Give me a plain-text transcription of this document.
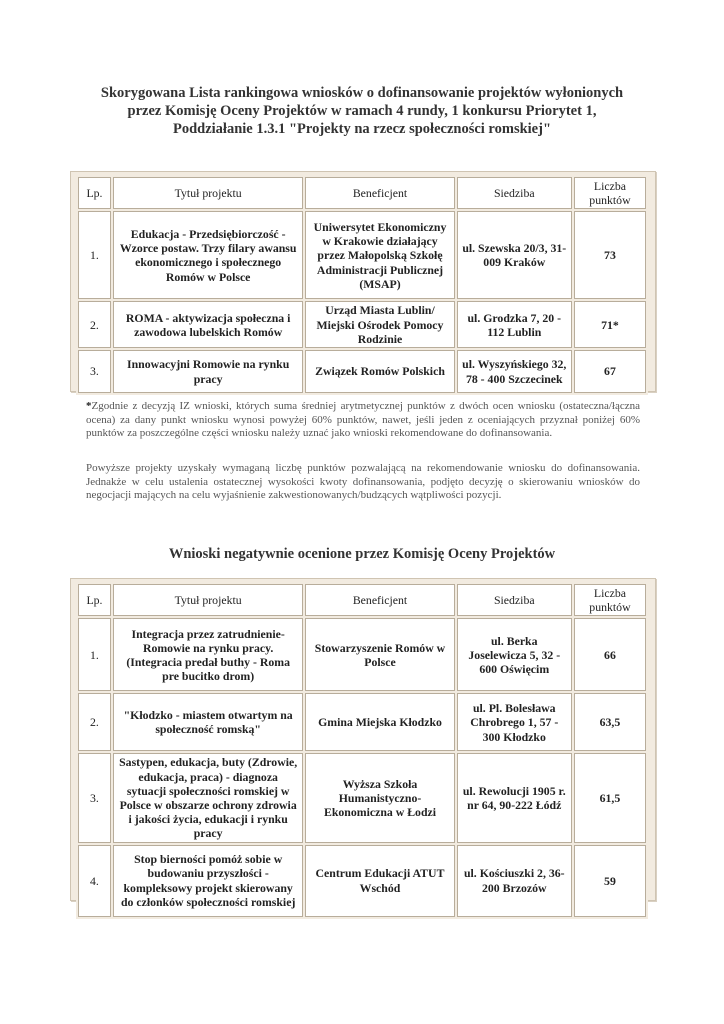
Skorygowana Lista rankingowa wniosków o dofinansowanie projektów wyłonionych
przez Komisję Oceny Projektów w ramach 4 rundy, 1 konkursu Priorytet 1,
Poddziałanie 1.3.1 "Projekty na rzecz społeczności romskiej"
Lp.	Tytuł projektu	Beneficjent	Siedziba	Liczba punktów
1.	Edukacja - Przedsiębiorczość - Wzorce postaw. Trzy filary awansu ekonomicznego i społecznego Romów w Polsce	Uniwersytet Ekonomiczny w Krakowie działający przez Małopolską Szkołę Administracji Publicznej (MSAP)	ul. Szewska 20/3, 31-009 Kraków	73
2.	ROMA - aktywizacja społeczna i zawodowa lubelskich Romów	Urząd Miasta Lublin/ Miejski Ośrodek Pomocy Rodzinie	ul. Grodzka 7, 20 - 112 Lublin	71*
3.	Innowacyjni Romowie na rynku pracy	Związek Romów Polskich	ul. Wyszyńskiego 32, 78 - 400 Szczecinek	67
*Zgodnie z decyzją IZ wnioski, których suma średniej arytmetycznej punktów z dwóch ocen wniosku (ostateczna/łączna ocena) za dany punkt wniosku wynosi powyżej 60% punktów, nawet, jeśli jeden z oceniających przyznał poniżej 60% punktów za poszczególne części wniosku należy uznać jako wnioski rekomendowane do dofinansowania.
Powyższe projekty uzyskały wymaganą liczbę punktów pozwalającą na rekomendowanie wniosku do dofinansowania. Jednakże w celu ustalenia ostatecznej wysokości kwoty dofinansowania, podjęto decyzję o skierowaniu wniosków do negocjacji mających na celu wyjaśnienie zakwestionowanych/budzących wątpliwości pozycji.
Wnioski negatywnie ocenione przez Komisję Oceny Projektów
Lp.	Tytuł projektu	Beneficjent	Siedziba	Liczba punktów
1.	Integracja przez zatrudnienie- Romowie na rynku pracy. (Integracia predał buthy - Roma pre bucitko drom)	Stowarzyszenie Romów w Polsce	ul. Berka Joselewicza 5, 32 - 600 Oświęcim	66
2.	"Kłodzko - miastem otwartym na społeczność romską"	Gmina Miejska Kłodzko	ul. Pl. Bolesława Chrobrego 1, 57 - 300 Kłodzko	63,5
3.	Sastypen, edukacja, buty (Zdrowie, edukacja, praca) - diagnoza sytuacji społeczności romskiej w Polsce w obszarze ochrony zdrowia i jakości życia, edukacji i rynku pracy	Wyższa Szkoła Humanistyczno-Ekonomiczna w Łodzi	ul. Rewolucji 1905 r. nr 64, 90-222 Łódź	61,5
4.	Stop bierności pomóż sobie w budowaniu przyszłości - kompleksowy projekt skierowany do członków społeczności romskiej	Centrum Edukacji ATUT Wschód	ul. Kościuszki 2, 36-200 Brzozów	59
